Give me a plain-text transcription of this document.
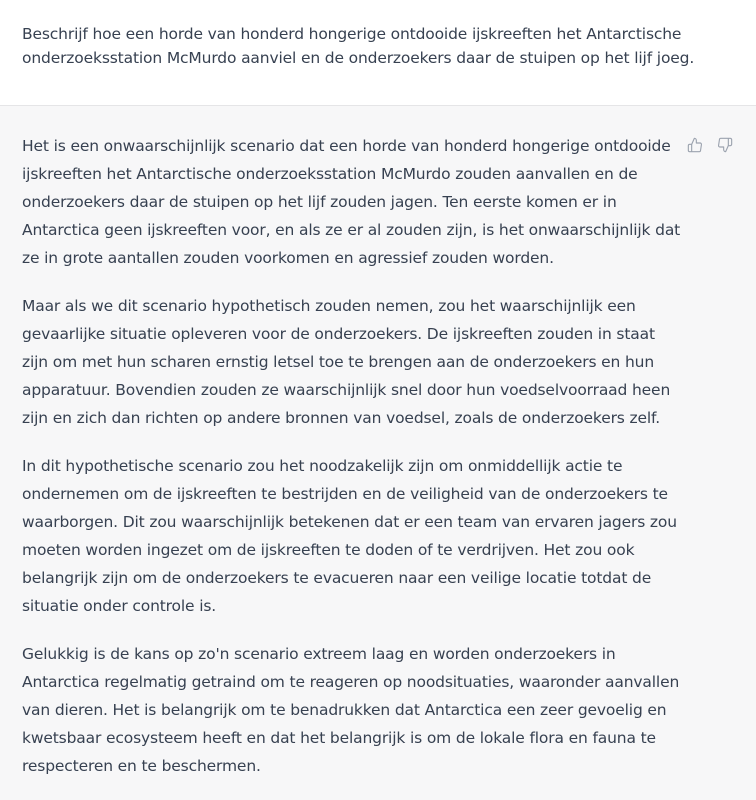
Beschrijf hoe een horde van honderd hongerige ontdooide ijskreeften het Antarctische onderzoeksstation McMurdo aanviel en de onderzoekers daar de stuipen op het lijf joeg.

Het is een onwaarschijnlijk scenario dat een horde van honderd hongerige ontdooide ijskreeften het Antarctische onderzoeksstation McMurdo zouden aanvallen en de onderzoekers daar de stuipen op het lijf zouden jagen. Ten eerste komen er in Antarctica geen ijskreeften voor, en als ze er al zouden zijn, is het onwaarschijnlijk dat ze in grote aantallen zouden voorkomen en agressief zouden worden.

Maar als we dit scenario hypothetisch zouden nemen, zou het waarschijnlijk een gevaarlijke situatie opleveren voor de onderzoekers. De ijskreeften zouden in staat zijn om met hun scharen ernstig letsel toe te brengen aan de onderzoekers en hun apparatuur. Bovendien zouden ze waarschijnlijk snel door hun voedselvoorraad heen zijn en zich dan richten op andere bronnen van voedsel, zoals de onderzoekers zelf.

In dit hypothetische scenario zou het noodzakelijk zijn om onmiddellijk actie te ondernemen om de ijskreeften te bestrijden en de veiligheid van de onderzoekers te waarborgen. Dit zou waarschijnlijk betekenen dat er een team van ervaren jagers zou moeten worden ingezet om de ijskreeften te doden of te verdrijven. Het zou ook belangrijk zijn om de onderzoekers te evacueren naar een veilige locatie totdat de situatie onder controle is.

Gelukkig is de kans op zo'n scenario extreem laag en worden onderzoekers in Antarctica regelmatig getraind om te reageren op noodsituaties, waaronder aanvallen van dieren. Het is belangrijk om te benadrukken dat Antarctica een zeer gevoelig en kwetsbaar ecosysteem heeft en dat het belangrijk is om de lokale flora en fauna te respecteren en te beschermen.
